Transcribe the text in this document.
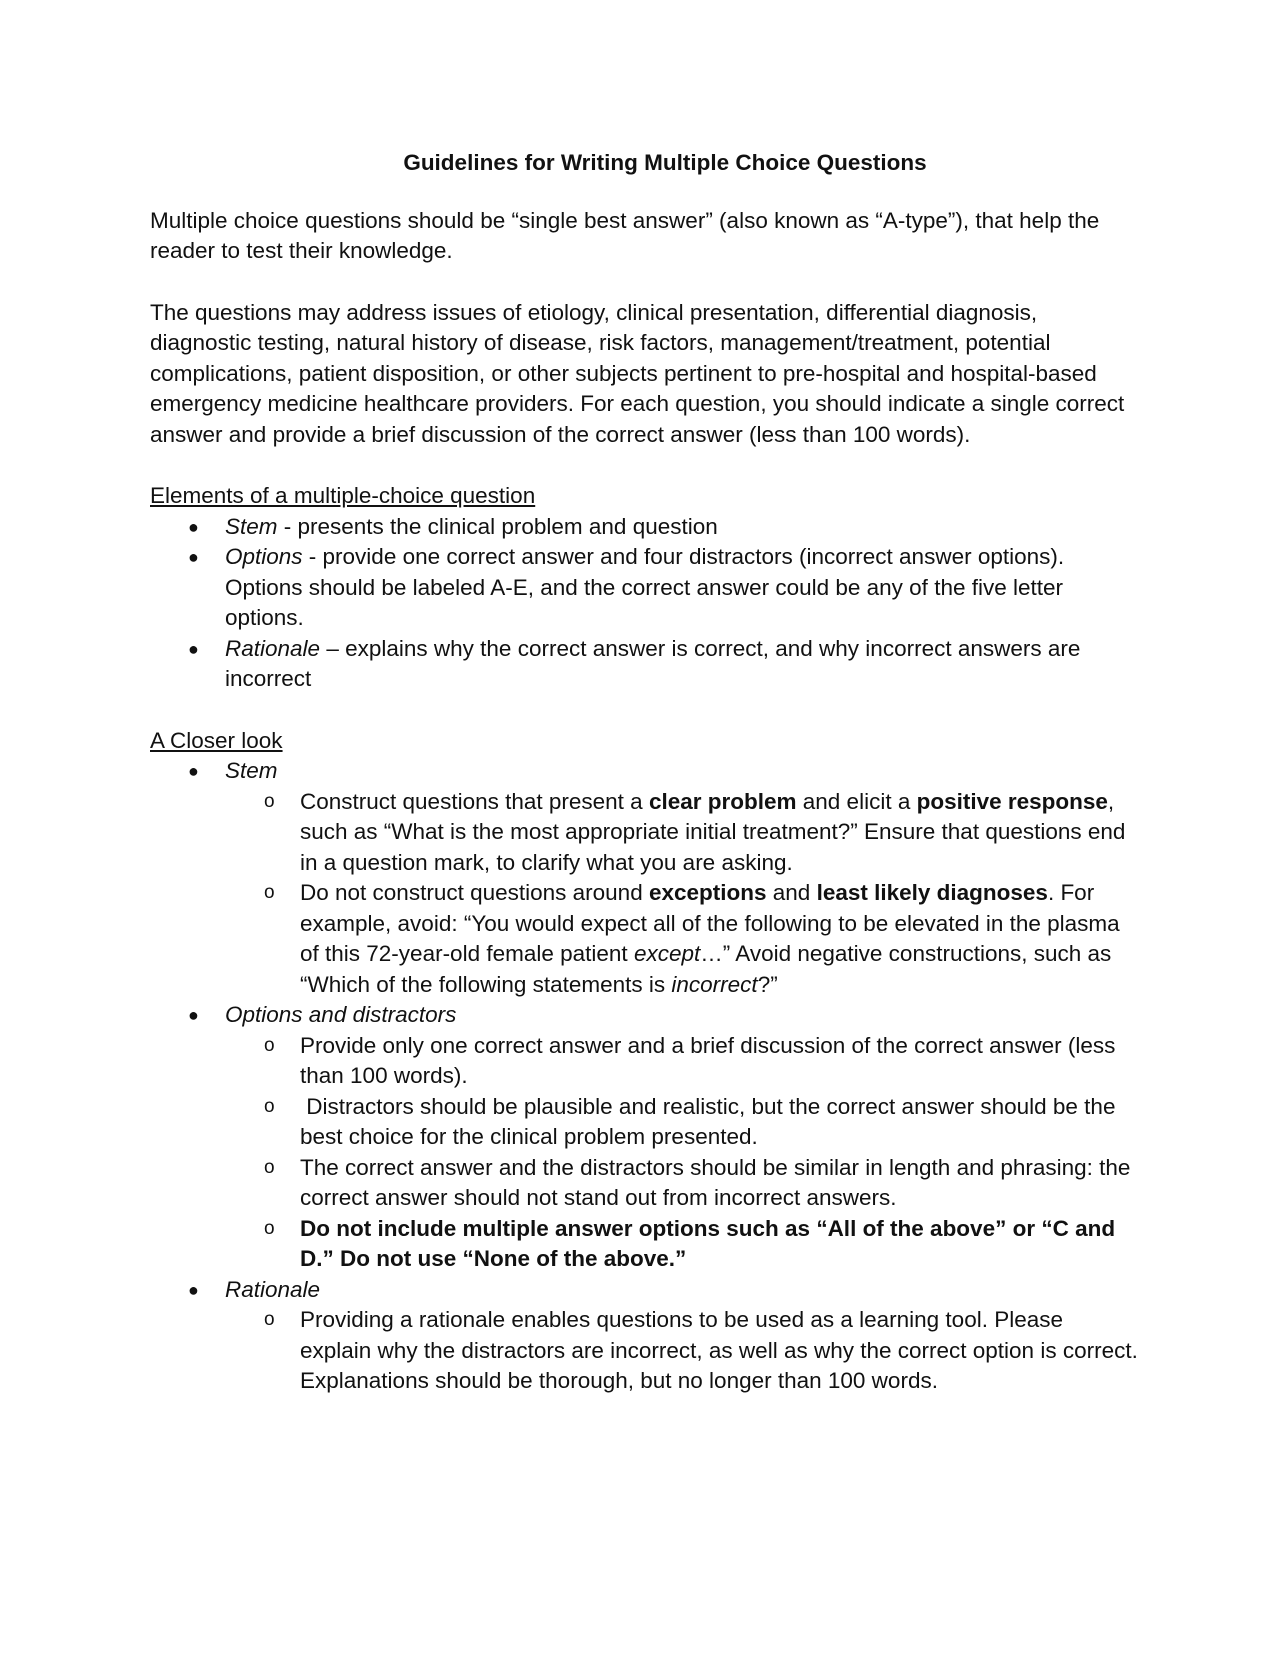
Guidelines for Writing Multiple Choice Questions

Multiple choice questions should be “single best answer” (also known as “A-type”), that help the reader to test their knowledge.

The questions may address issues of etiology, clinical presentation, differential diagnosis, diagnostic testing, natural history of disease, risk factors, management/treatment, potential complications, patient disposition, or other subjects pertinent to pre-hospital and hospital-based emergency medicine healthcare providers. For each question, you should indicate a single correct answer and provide a brief discussion of the correct answer (less than 100 words).

Elements of a multiple-choice question
● Stem - presents the clinical problem and question
● Options - provide one correct answer and four distractors (incorrect answer options). Options should be labeled A-E, and the correct answer could be any of the five letter options.
● Rationale – explains why the correct answer is correct, and why incorrect answers are incorrect
A Closer look
● Stem
o Construct questions that present a clear problem and elicit a positive response, such as “What is the most appropriate initial treatment?” Ensure that questions end in a question mark, to clarify what you are asking.
o Do not construct questions around exceptions and least likely diagnoses. For example, avoid: “You would expect all of the following to be elevated in the plasma of this 72-year-old female patient except…” Avoid negative constructions, such as “Which of the following statements is incorrect?”
● Options and distractors
o Provide only one correct answer and a brief discussion of the correct answer (less than 100 words).
o Distractors should be plausible and realistic, but the correct answer should be the best choice for the clinical problem presented.
o The correct answer and the distractors should be similar in length and phrasing: the correct answer should not stand out from incorrect answers.
o Do not include multiple answer options such as “All of the above” or “C and D.” Do not use “None of the above.”
● Rationale
o Providing a rationale enables questions to be used as a learning tool. Please explain why the distractors are incorrect, as well as why the correct option is correct.   Explanations should be thorough, but no longer than 100 words.
